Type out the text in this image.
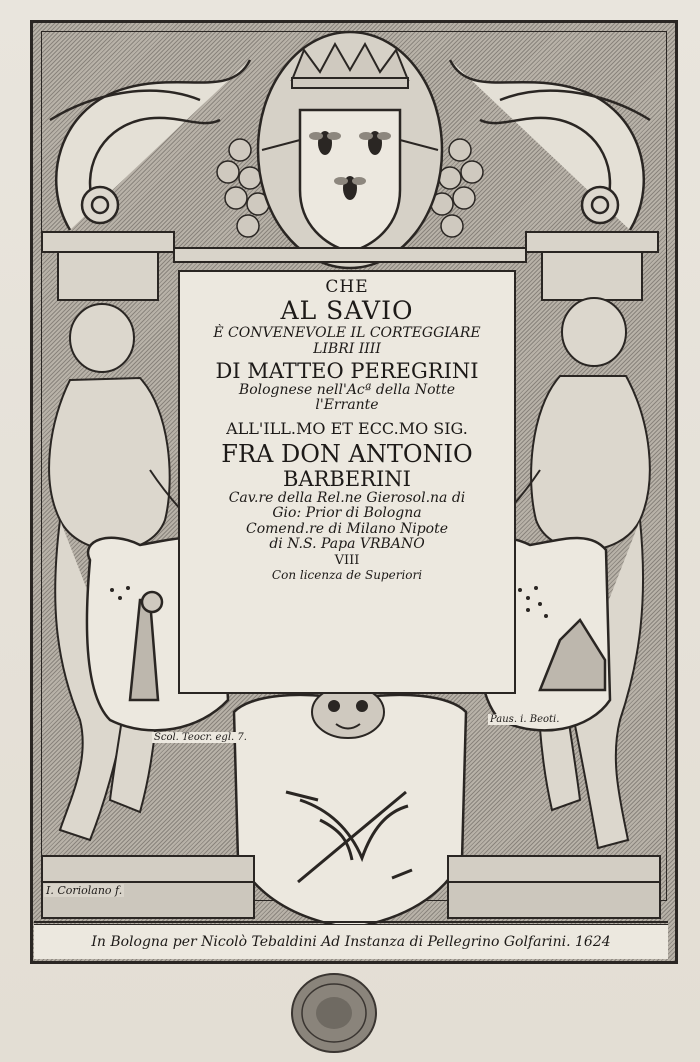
CHE
AL SAVIO
È CONVENEVOLE IL CORTEGGIARE
LIBRI IIII
DI MATTEO PEREGRINI
Bolognese nell'Acª della Notte
l'Errante
ALL'ILL.MO ET ECC.MO SIG.
FRA DON ANTONIO
BARBERINI
Cav.re della Rel.ne Gierosol.na di
Gio: Prior di Bologna
Comend.re di Milano Nipote
di N.S. Papa VRBANO
VIII
Con licenza de Superiori
Scol. Teocr. egl. 7.
Paus. i. Beoti.
I. Coriolano f.
In Bologna per Nicolò Tebaldini Ad Instanza di Pellegrino Golfarini. 1624
